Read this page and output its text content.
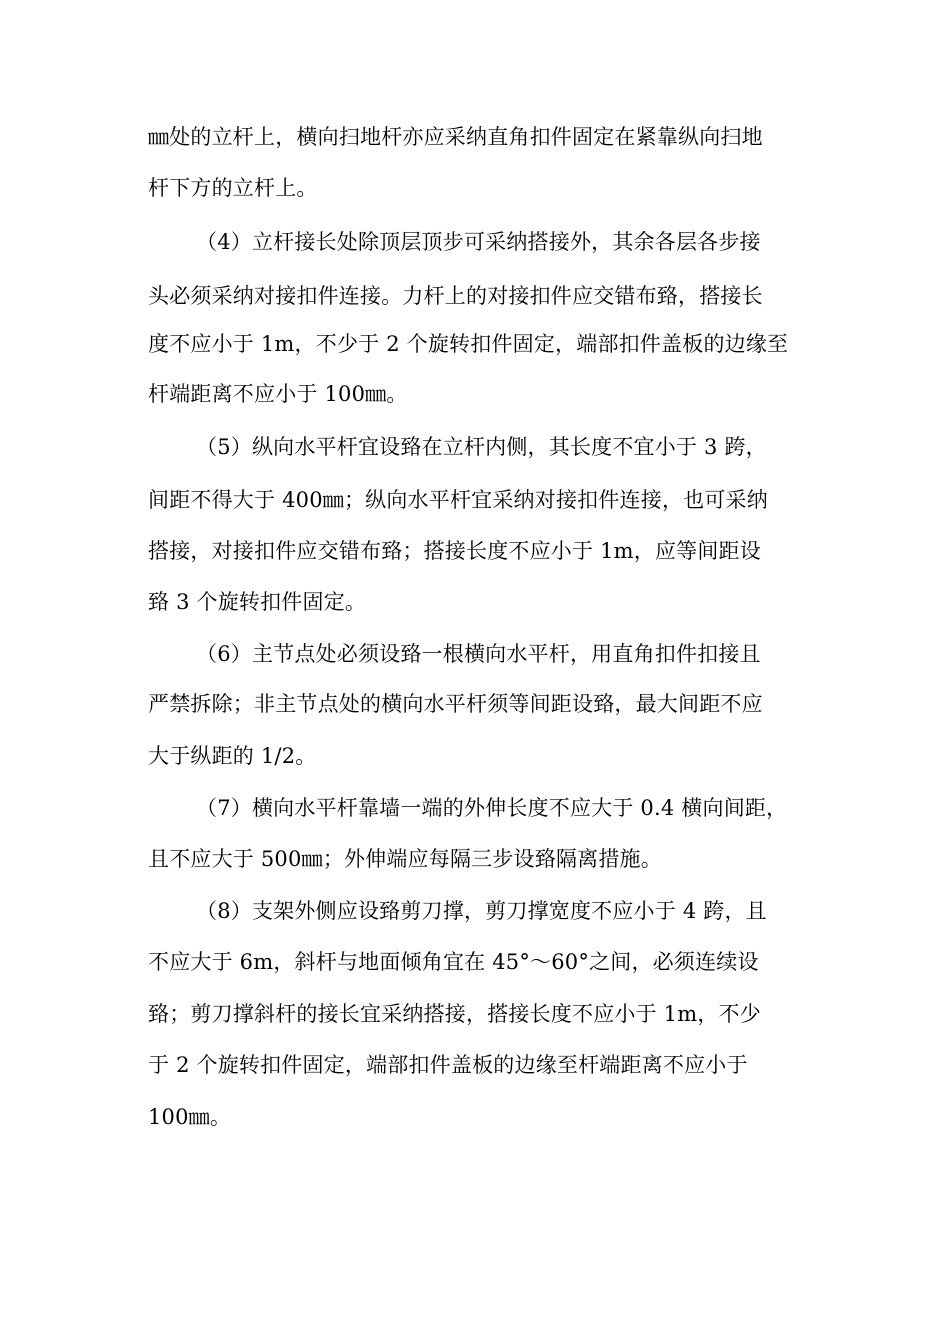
㎜处的立杆上，横向扫地杆亦应采纳直角扣件固定在紧靠纵向扫地
杆下方的立杆上。
（4）立杆接长处除顶层顶步可采纳搭接外，其余各层各步接
头必须采纳对接扣件连接。力杆上的对接扣件应交错布臵，搭接长
度不应小于 1m，不少于 2 个旋转扣件固定，端部扣件盖板的边缘至
杆端距离不应小于 100㎜。
（5）纵向水平杆宜设臵在立杆内侧，其长度不宜小于 3 跨，
间距不得大于 400㎜；纵向水平杆宜采纳对接扣件连接，也可采纳
搭接，对接扣件应交错布臵；搭接长度不应小于 1m，应等间距设
臵 3 个旋转扣件固定。
（6）主节点处必须设臵一根横向水平杆，用直角扣件扣接且
严禁拆除；非主节点处的横向水平杆须等间距设臵，最大间距不应
大于纵距的 1/2。
（7）横向水平杆靠墙一端的外伸长度不应大于 0.4 横向间距，
且不应大于 500㎜；外伸端应每隔三步设臵隔离措施。
（8）支架外侧应设臵剪刀撑，剪刀撑宽度不应小于 4 跨，且
不应大于 6m，斜杆与地面倾角宜在 45°～60°之间，必须连续设
臵；剪刀撑斜杆的接长宜采纳搭接，搭接长度不应小于 1m，不少
于 2 个旋转扣件固定，端部扣件盖板的边缘至杆端距离不应小于
100㎜。
